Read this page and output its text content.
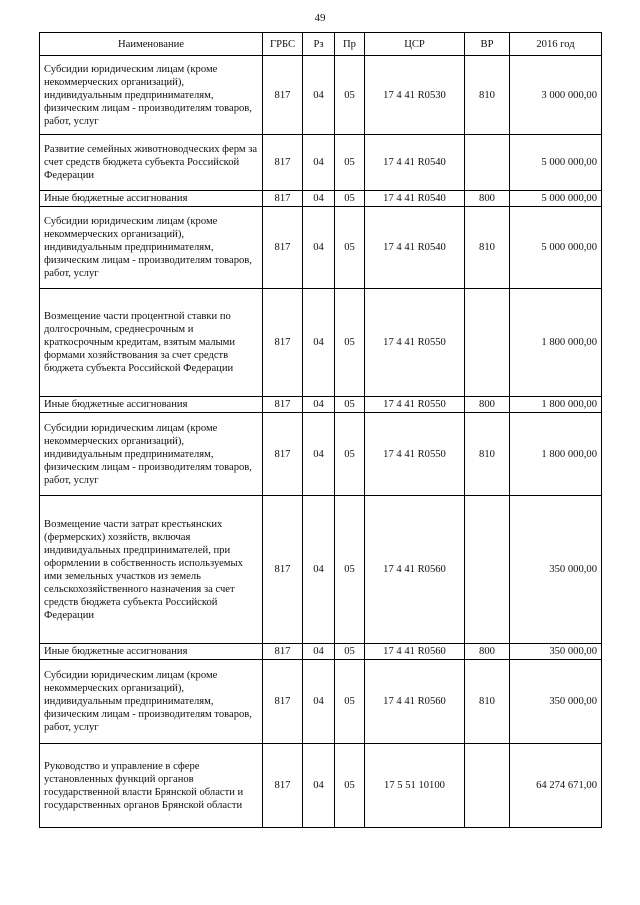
49
Наименование	ГРБС	Рз	Пр	ЦСР	ВР	2016 год
Субсидии юридическим лицам (кроме некоммерческих организаций), индивидуальным предпринимателям, физическим лицам - производителям товаров, работ, услуг	817	04	05	17 4 41 R0530	810	3 000 000,00
Развитие семейных животноводческих ферм за счет средств бюджета субъекта Российской Федерации	817	04	05	17 4 41 R0540		5 000 000,00
Иные бюджетные ассигнования	817	04	05	17 4 41 R0540	800	5 000 000,00
Субсидии юридическим лицам (кроме некоммерческих организаций), индивидуальным предпринимателям, физическим лицам - производителям товаров, работ, услуг	817	04	05	17 4 41 R0540	810	5 000 000,00
Возмещение части процентной ставки по долгосрочным, среднесрочным и краткосрочным кредитам, взятым малыми формами хозяйствования за счет средств бюджета субъекта Российской Федерации	817	04	05	17 4 41 R0550		1 800 000,00
Иные бюджетные ассигнования	817	04	05	17 4 41 R0550	800	1 800 000,00
Субсидии юридическим лицам (кроме некоммерческих организаций), индивидуальным предпринимателям, физическим лицам - производителям товаров, работ, услуг	817	04	05	17 4 41 R0550	810	1 800 000,00
Возмещение части затрат крестьянских (фермерских) хозяйств, включая индивидуальных предпринимателей, при оформлении в собственность используемых ими земельных участков из земель сельскохозяйственного назначения за счет средств бюджета субъекта Российской Федерации	817	04	05	17 4 41 R0560		350 000,00
Иные бюджетные ассигнования	817	04	05	17 4 41 R0560	800	350 000,00
Субсидии юридическим лицам (кроме некоммерческих организаций), индивидуальным предпринимателям, физическим лицам - производителям товаров, работ, услуг	817	04	05	17 4 41 R0560	810	350 000,00
Руководство и управление в сфере установленных функций органов государственной власти Брянской области и государственных органов Брянской области	817	04	05	17 5 51 10100		64 274 671,00
